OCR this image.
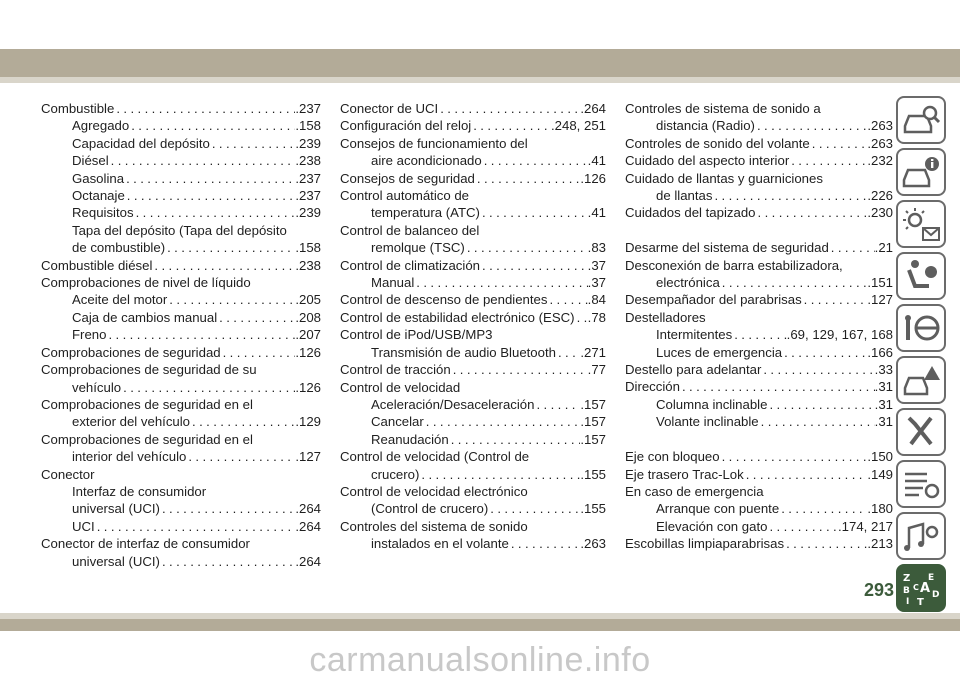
Combustible .....	.237
Agregado .....	.158
Capacidad del depósito .....	.239
Diésel .....	.238
Gasolina .....	.237
Octanaje .....	.237
Requisitos .....	.239
Tapa del depósito (Tapa del depósito
de combustible) .....	.158
Combustible diésel .....	.238
Comprobaciones de nivel de líquido
Aceite del motor .....	.205
Caja de cambios manual .....	.208
Freno .....	.207
Comprobaciones de seguridad .....	.126
Comprobaciones de seguridad de su
vehículo .....	.126
Comprobaciones de seguridad en el
exterior del vehículo .....	.129
Comprobaciones de seguridad en el
interior del vehículo .....	.127
Conector
Interfaz de consumidor
universal (UCI) .....	.264
UCI .....	.264
Conector de interfaz de consumidor
universal (UCI) .....	.264
Conector de UCI .....	.264
Configuración del reloj .....	.248, 251
Consejos de funcionamiento del
aire acondicionado .....	.41
Consejos de seguridad .....	.126
Control automático de
temperatura (ATC) .....	.41
Control de balanceo del
remolque (TSC) .....	.83
Control de climatización .....	.37
Manual .....	.37
Control de descenso de pendientes .....	.84
Control de estabilidad electrónico (ESC) ..... .78
Control de iPod/USB/MP3
Transmisión de audio Bluetooth ..... .271
Control de tracción .....	.77
Control de velocidad
Aceleración/Desaceleración .....	.157
Cancelar .....	.157
Reanudación .....	.157
Control de velocidad (Control de
crucero) .....	.155
Control de velocidad electrónico
(Control de crucero) .....	.155
Controles del sistema de sonido
instalados en el volante .....	.263
Controles de sistema de sonido a
distancia (Radio) .....	.263
Controles de sonido del volante .....	.263
Cuidado del aspecto interior .....	.232
Cuidado de llantas y guarniciones
de llantas .....	.226
Cuidados del tapizado .....	.230
Desarme del sistema de seguridad .....	.21
Desconexión de barra estabilizadora,
electrónica .....	.151
Desempañador del parabrisas .....	.127
Destelladores
Intermitentes .....	.69, 129, 167, 168
Luces de emergencia .....	.166
Destello para adelantar .....	.33
Dirección .....	.31
Columna inclinable .....	.31
Volante inclinable .....	.31
Eje con bloqueo .....	.150
Eje trasero Trac-Lok .....	.149
En caso de emergencia
Arranque con puente .....	.180
Elevación con gato .....	.174, 217
Escobillas limpiaparabrisas .....	.213
Z E
B A
C
D
I T
293
carmanualsonline.info
